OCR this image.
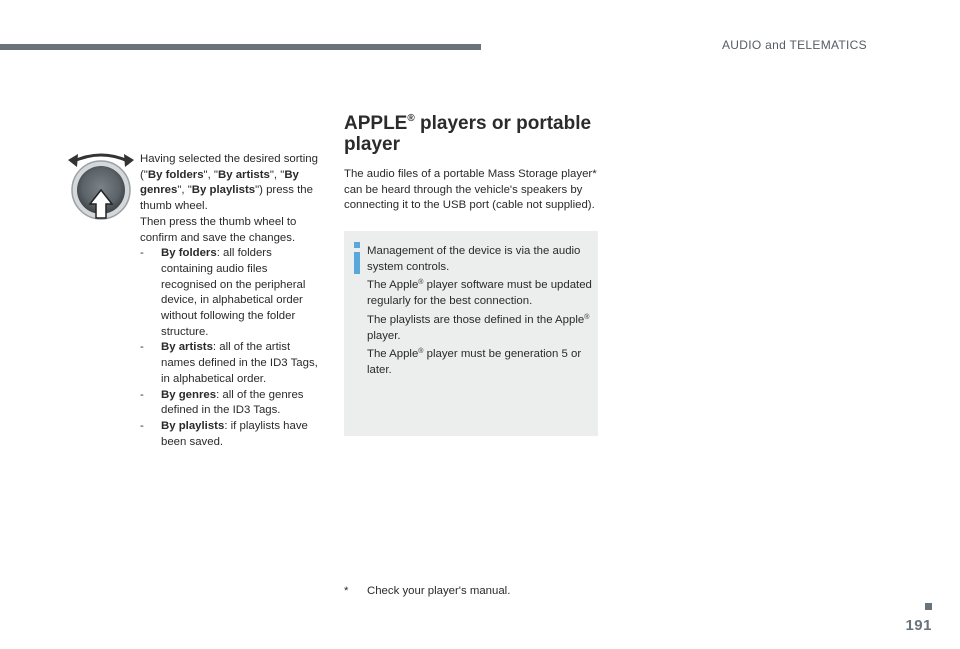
AUDIO and TELEMATICS

Having selected the desired sorting ("By folders", "By artists", "By genres", "By playlists") press the thumb wheel.

Then press the thumb wheel to confirm and save the changes.

- By folders: all folders containing audio files recognised on the peripheral device, in alphabetical order without following the folder structure.
- By artists: all of the artist names defined in the ID3 Tags, in alphabetical order.
- By genres: all of the genres defined in the ID3 Tags.
- By playlists: if playlists have been saved.
APPLE® players or portable player

The audio files of a portable Mass Storage player* can be heard through the vehicle's speakers by connecting it to the USB port (cable not supplied).

Management of the device is via the audio system controls.

The Apple® player software must be updated regularly for the best connection.

The playlists are those defined in the Apple® player.

The Apple® player must be generation 5 or later.

* Check your player's manual.
191
